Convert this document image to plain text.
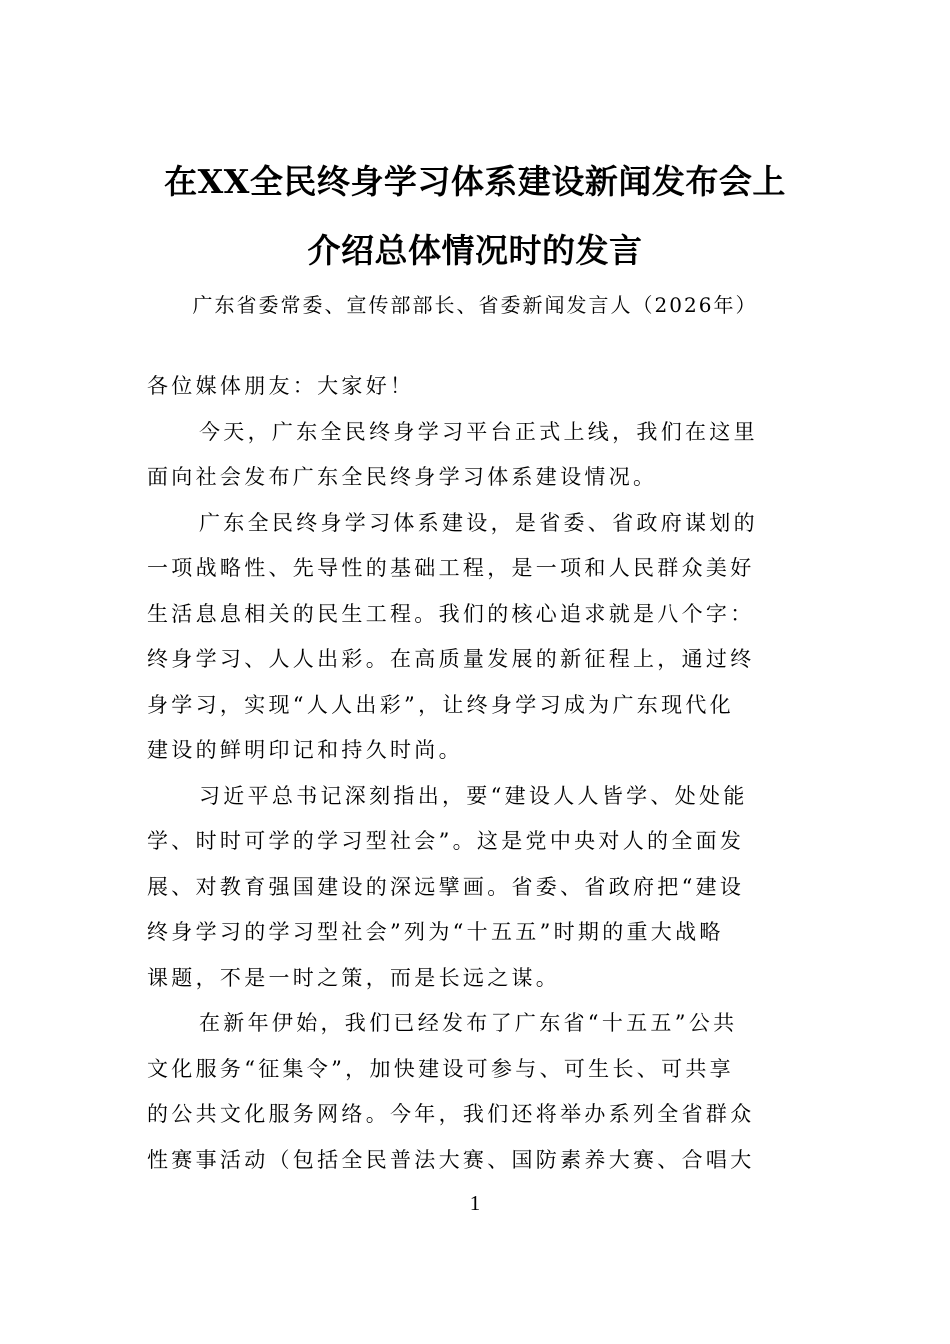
在XX全民终身学习体系建设新闻发布会上
介绍总体情况时的发言
广东省委常委、宣传部部长、省委新闻发言人（2026年）
各位媒体朋友：大家好！
今天，广东全民终身学习平台正式上线，我们在这里
面向社会发布广东全民终身学习体系建设情况。
广东全民终身学习体系建设，是省委、省政府谋划的
一项战略性、先导性的基础工程，是一项和人民群众美好
生活息息相关的民生工程。我们的核心追求就是八个字：
终身学习、人人出彩。在高质量发展的新征程上，通过终
身学习，实现“人人出彩”，让终身学习成为广东现代化
建设的鲜明印记和持久时尚。
习近平总书记深刻指出，要“建设人人皆学、处处能
学、时时可学的学习型社会”。这是党中央对人的全面发
展、对教育强国建设的深远擘画。省委、省政府把“建设
终身学习的学习型社会”列为“十五五”时期的重大战略
课题，不是一时之策，而是长远之谋。
在新年伊始，我们已经发布了广东省“十五五”公共
文化服务“征集令”，加快建设可参与、可生长、可共享
的公共文化服务网络。今年，我们还将举办系列全省群众
性赛事活动（包括全民普法大赛、国防素养大赛、合唱大
1
